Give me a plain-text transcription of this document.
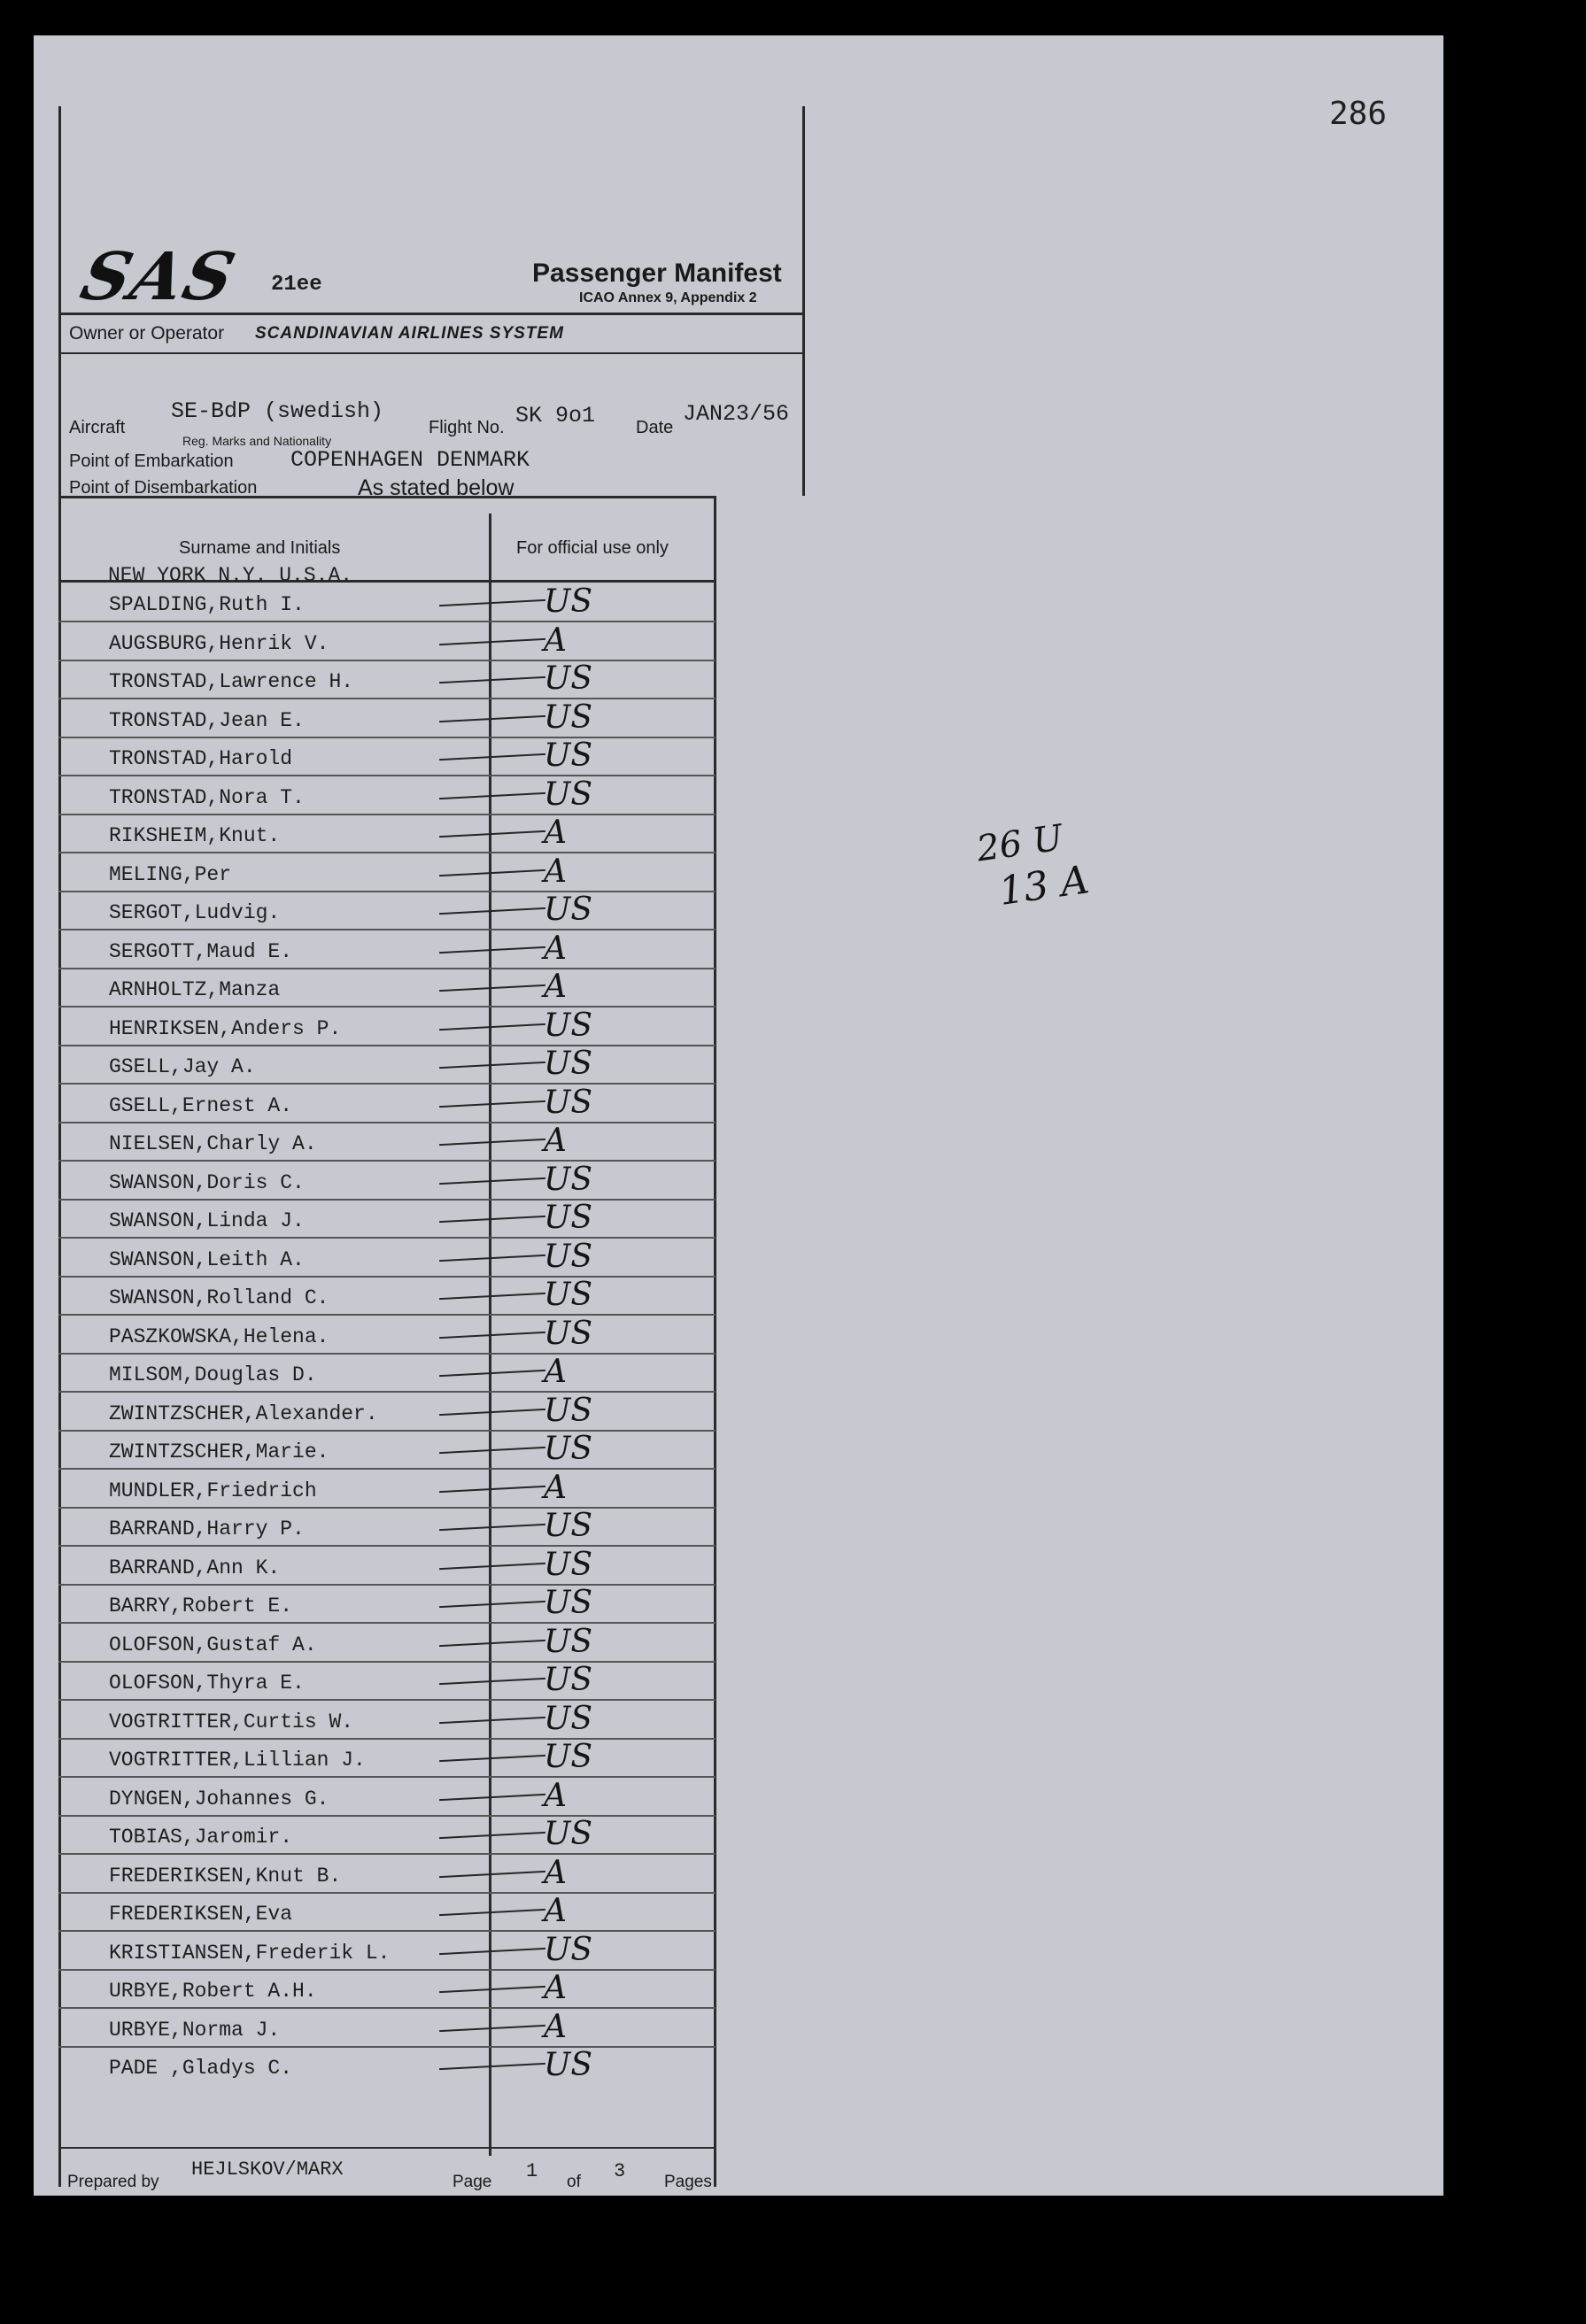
286
SAS 21ee	Passenger Manifest
ICAO Annex 9, Appendix 2
Owner or Operator SCANDINAVIAN AIRLINES SYSTEM
SE-BdP (swedish)
Aircraft
Reg. Marks and Nationality
SK 9o1
Flight No.
JAN23/56
Date
Point of Embarkation	COPENHAGEN DENMARK
Point of Disembarkation	As stated below
Surname and Initials	For official use only
NEW YORK N.Y. U.S.A.
SPALDING,Ruth I.	US
AUGSBURG,Henrik V.	A
TRONSTAD,Lawrence H.	US
TRONSTAD,Jean E.	US
TRONSTAD,Harold	US
TRONSTAD,Nora T.	US
RIKSHEIM,Knut.	A
MELING,Per	A
SERGOT,Ludvig.	US
SERGOTT,Maud E.	A
ARNHOLTZ,Manza	A
HENRIKSEN,Anders P.	US
GSELL,Jay A.	US
GSELL,Ernest A.	US
NIELSEN,Charly A.	A
SWANSON,Doris C.	US
SWANSON,Linda J.	US
SWANSON,Leith A.	US
SWANSON,Rolland C.	US
PASZKOWSKA,Helena.	US
MILSOM,Douglas D.	A
ZWINTZSCHER,Alexander.	US
ZWINTZSCHER,Marie.	US
MUNDLER,Friedrich	A
BARRAND,Harry P.	US
BARRAND,Ann K.	US
BARRY,Robert E.	US
OLOFSON,Gustaf A.	US
OLOFSON,Thyra E.	US
VOGTRITTER,Curtis W.	US
VOGTRITTER,Lillian J.	US
DYNGEN,Johannes G.	A
TOBIAS,Jaromir.	US
FREDERIKSEN,Knut B.	A
FREDERIKSEN,Eva	A
KRISTIANSEN,Frederik L.	US
URBYE,Robert A.H.	A
URBYE,Norma J.	A
PADE ,Gladys C.	US
HEJLSKOV/MARX
Prepared by	Page 1 of 3 Pages
26 U
13 A
